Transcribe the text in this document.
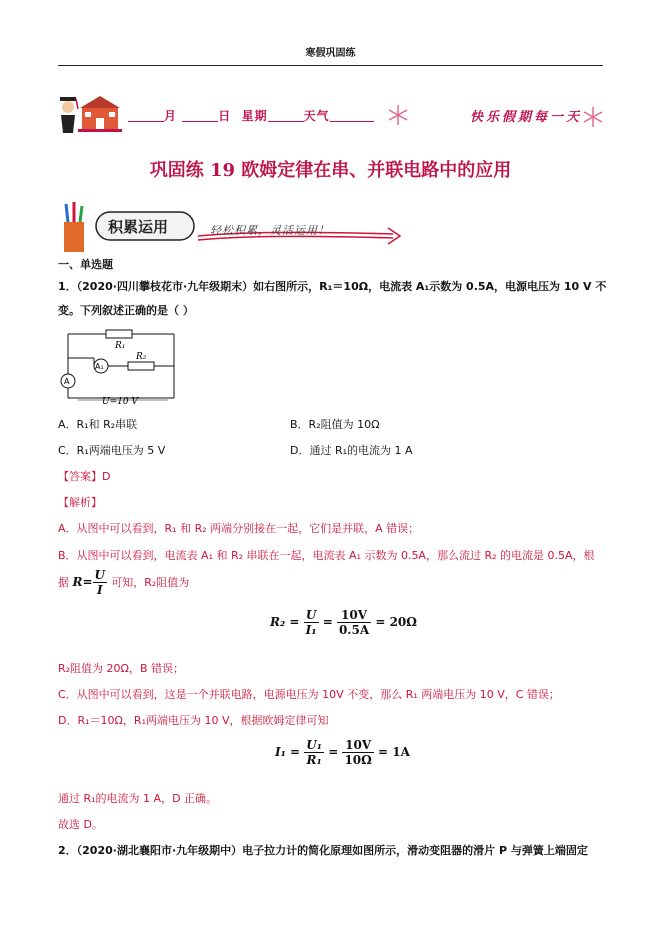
寒假巩固练
月	日 星期	天气	快乐假期每一天
巩固练 19 欧姆定律在串、并联电路中的应用
积累运用	轻松积累，灵活运用！
一、单选题
1．（2020·四川攀枝花市·九年级期末）如右图所示，R₁＝10Ω，电流表 A₁示数为 0.5A，电源电压为 10 V 不
变。下列叙述正确的是（ ）
R₁
R₂
A₁
A
U=10 V
A．R₁和 R₂串联	B．R₂阻值为 10Ω
C．R₁两端电压为 5 V	D．通过 R₁的电流为 1 A
【答案】D
【解析】
A．从图中可以看到，R₁ 和 R₂ 两端分别接在一起，它们是并联，A 错误；
B．从图中可以看到，电流表 A₁ 和 R₂ 串联在一起，电流表 A₁ 示数为 0.5A，那么流过 R₂ 的电流是 0.5A，根
据 $R= \frac{U}{I}$ 可知，R₂阻值为
$R_2 = \frac{U}{\text{I₁}} = \frac{10V}{0.5A} = 20\Omega$
R₂阻值为 20Ω，B 错误；
C．从图中可以看到，这是一个并联电路，电源电压为 10V 不变，那么 R₁ 两端电压为 10 V，C 错误；
D．R₁＝10Ω，R₁两端电压为 10 V，根据欧姆定律可知
$I_1 = \frac{\text{U₁}}{\text{R₁}} = \frac{10V}{10\Omega} = 1A$
通过 R₁的电流为 1 A，D 正确。
故选 D。
2．（2020·湖北襄阳市·九年级期中）电子拉力计的简化原理如图所示，滑动变阻器的滑片 P 与弹簧上端固定
